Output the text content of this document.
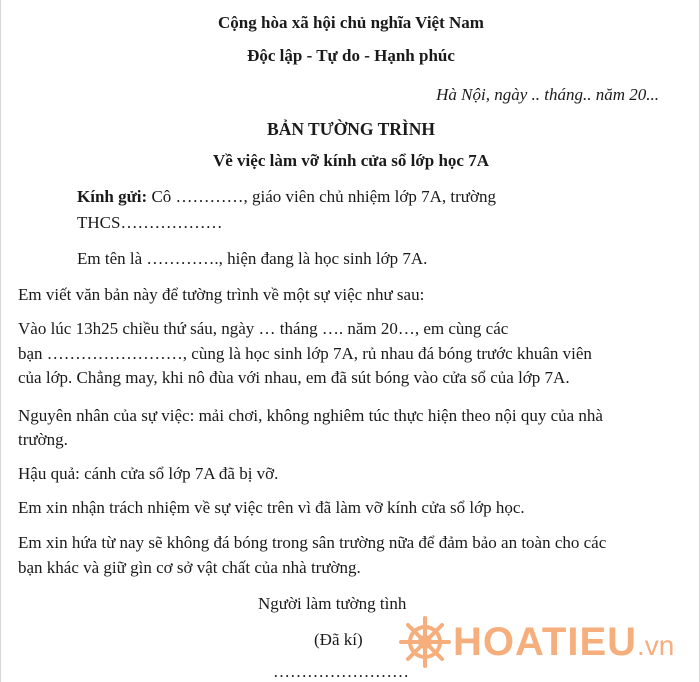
Cộng hòa xã hội chủ nghĩa Việt Nam
Độc lập - Tự do - Hạnh phúc
Hà Nội, ngày .. tháng.. năm 20...
BẢN TƯỜNG TRÌNH
Về việc làm vỡ kính cửa sổ lớp học 7A
Kính gửi: Cô …………, giáo viên chủ nhiệm lớp 7A, trường
THCS………………
Em tên là …………., hiện đang là học sinh lớp 7A.
Em viết văn bản này để tường trình về một sự việc như sau:
Vào lúc 13h25 chiều thứ sáu, ngày … tháng …. năm 20…, em cùng các
bạn ……………………, cùng là học sinh lớp 7A, rủ nhau đá bóng trước khuân viên
của lớp. Chẳng may, khi nô đùa với nhau, em đã sút bóng vào cửa sổ của lớp 7A.
Nguyên nhân của sự việc: mải chơi, không nghiêm túc thực hiện theo nội quy của nhà
trường.
Hậu quả: cánh cửa sổ lớp 7A đã bị vỡ.
Em xin nhận trách nhiệm về sự việc trên vì đã làm vỡ kính cửa sổ lớp học.
Em xin hứa từ nay sẽ không đá bóng trong sân trường nữa để đảm bảo an toàn cho các
bạn khác và giữ gìn cơ sở vật chất của nhà trường.
Người làm tường tình
(Đã kí)
……………………
HOATIEU .vn
